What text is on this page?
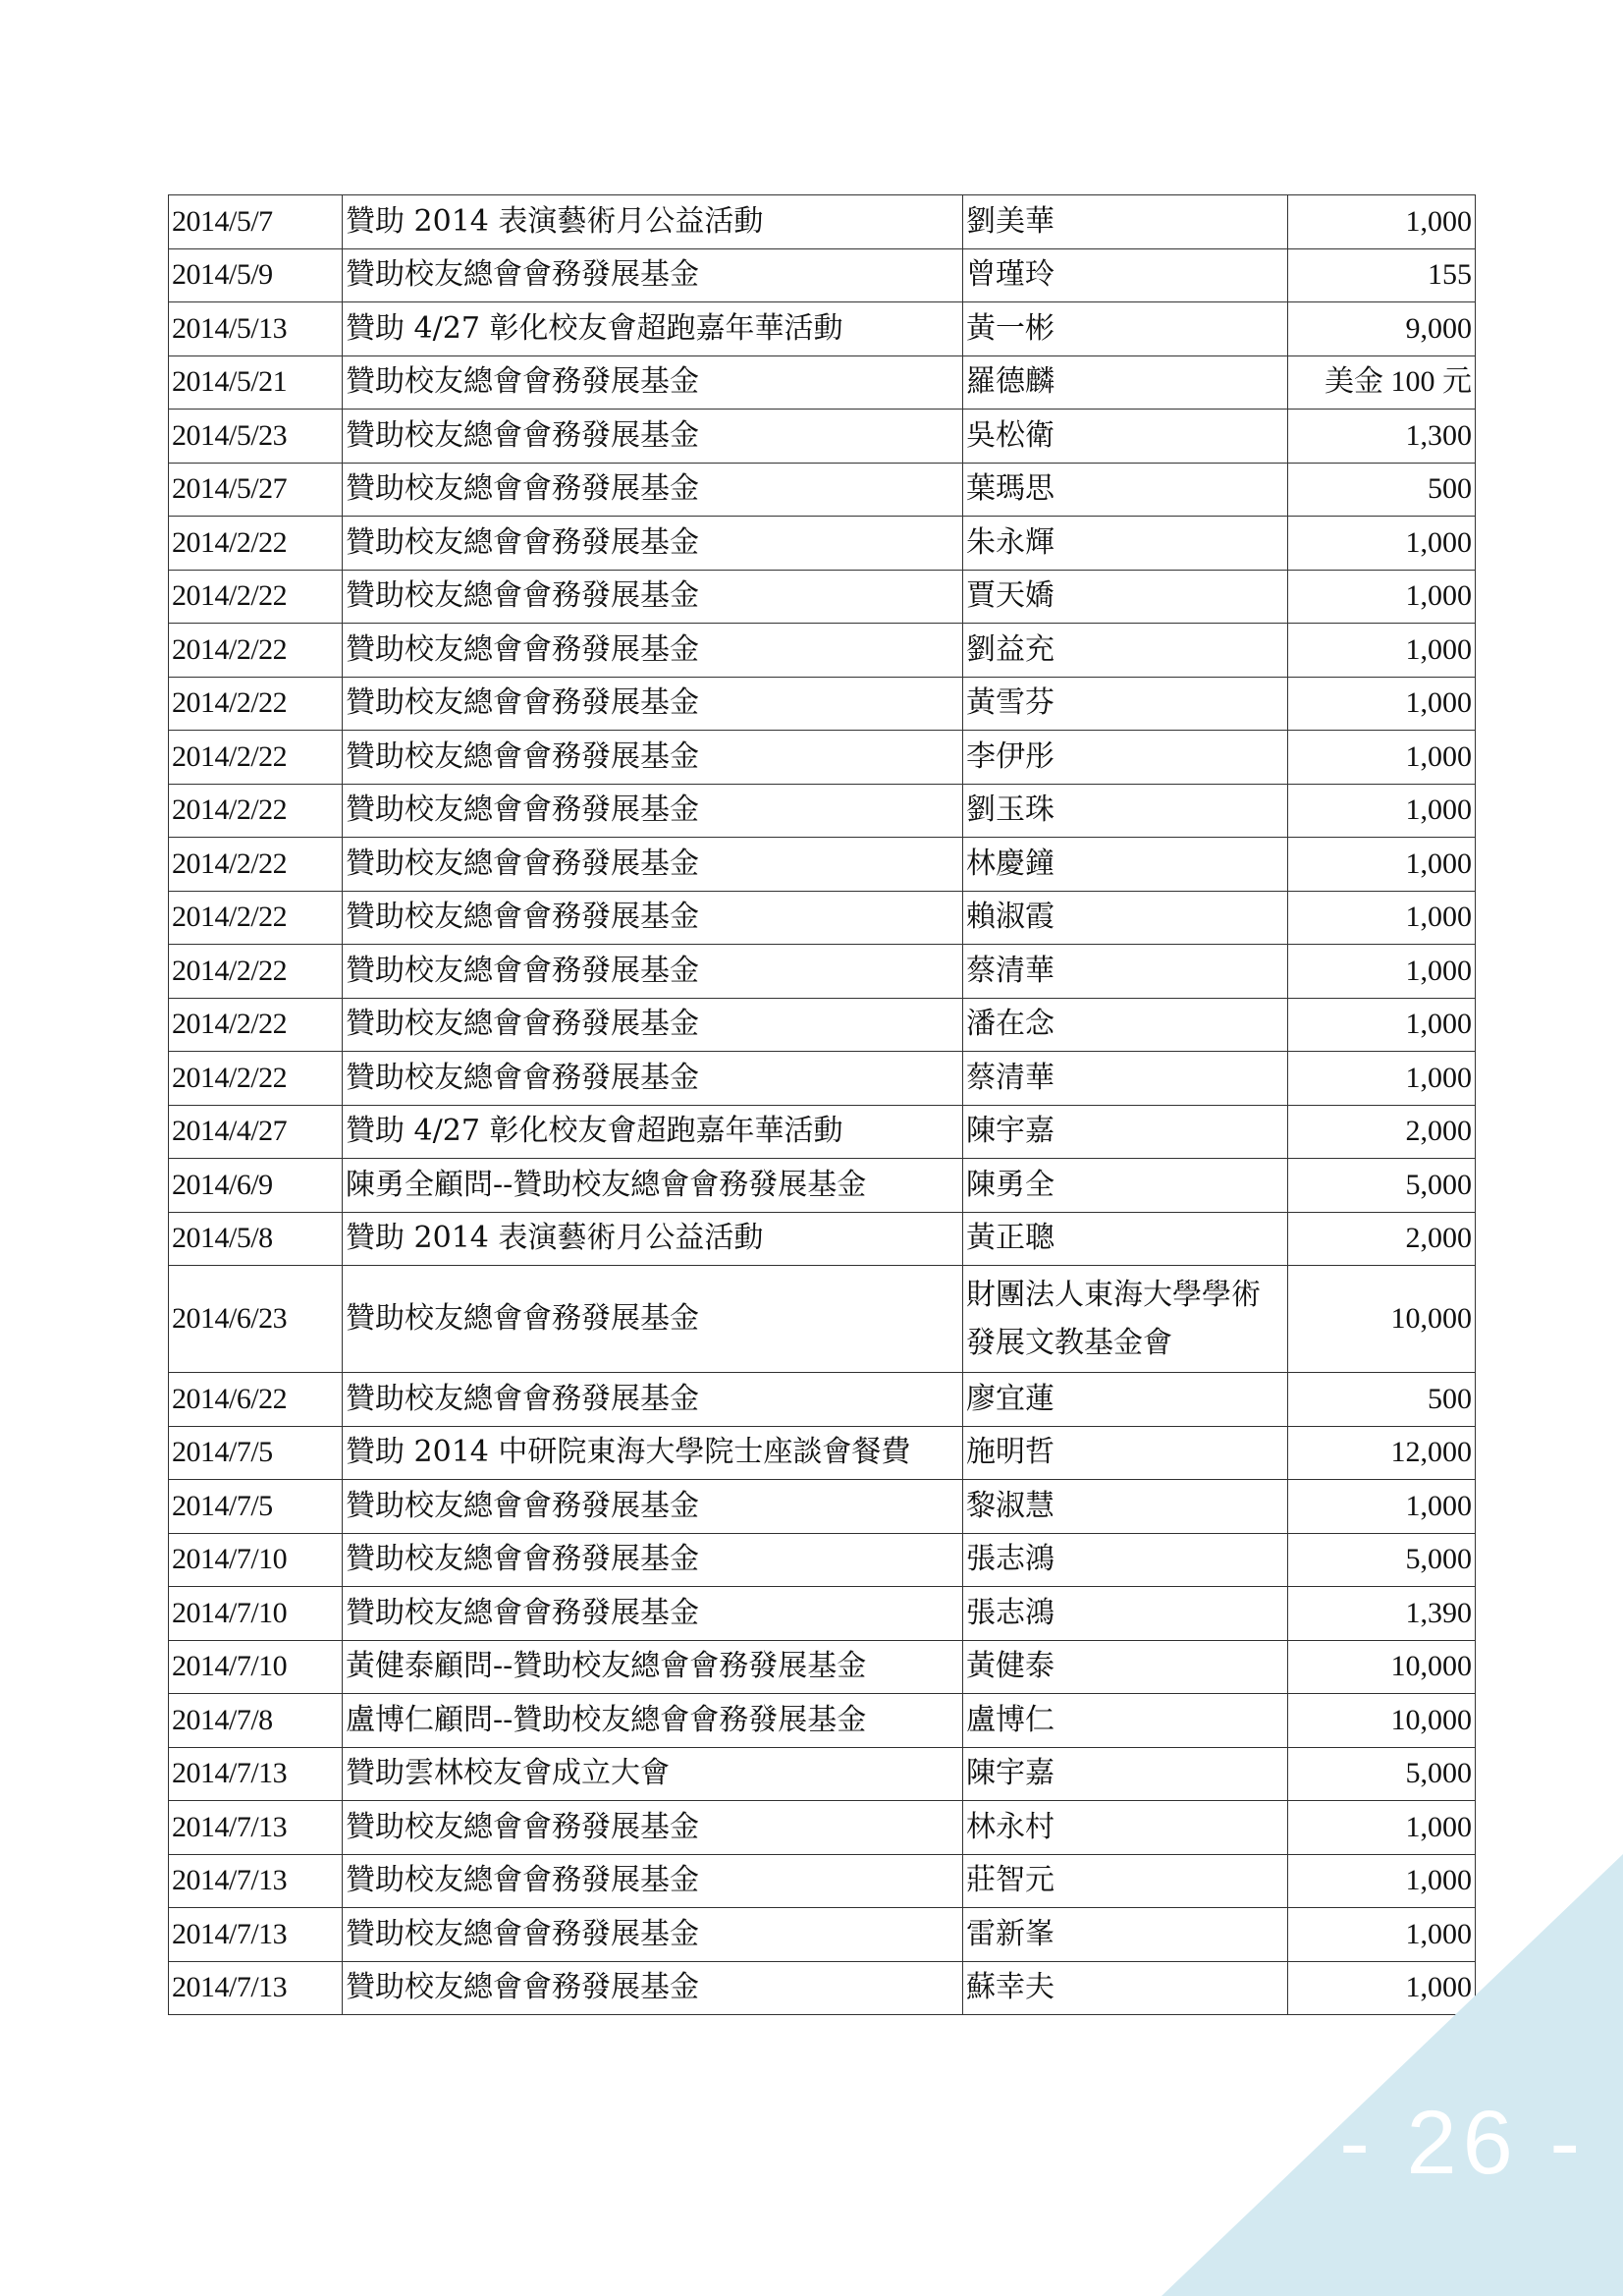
2014/5/7	贊助 2014 表演藝術月公益活動	劉美華	1,000
2014/5/9	贊助校友總會會務發展基金	曾瑾玲	155
2014/5/13	贊助 4/27 彰化校友會超跑嘉年華活動	黃一彬	9,000
2014/5/21	贊助校友總會會務發展基金	羅德麟	美金 100 元
2014/5/23	贊助校友總會會務發展基金	吳松衛	1,300
2014/5/27	贊助校友總會會務發展基金	葉瑪思	500
2014/2/22	贊助校友總會會務發展基金	朱永輝	1,000
2014/2/22	贊助校友總會會務發展基金	賈天嬌	1,000
2014/2/22	贊助校友總會會務發展基金	劉益充	1,000
2014/2/22	贊助校友總會會務發展基金	黃雪芬	1,000
2014/2/22	贊助校友總會會務發展基金	李伊彤	1,000
2014/2/22	贊助校友總會會務發展基金	劉玉珠	1,000
2014/2/22	贊助校友總會會務發展基金	林慶鐘	1,000
2014/2/22	贊助校友總會會務發展基金	賴淑霞	1,000
2014/2/22	贊助校友總會會務發展基金	蔡清華	1,000
2014/2/22	贊助校友總會會務發展基金	潘在念	1,000
2014/2/22	贊助校友總會會務發展基金	蔡清華	1,000
2014/4/27	贊助 4/27 彰化校友會超跑嘉年華活動	陳宇嘉	2,000
2014/6/9	陳勇全顧問--贊助校友總會會務發展基金	陳勇全	5,000
2014/5/8	贊助 2014 表演藝術月公益活動	黃正聰	2,000
2014/6/23	贊助校友總會會務發展基金	財團法人東海大學學術發展文教基金會	10,000
2014/6/22	贊助校友總會會務發展基金	廖宜蓮	500
2014/7/5	贊助 2014 中研院東海大學院士座談會餐費	施明哲	12,000
2014/7/5	贊助校友總會會務發展基金	黎淑慧	1,000
2014/7/10	贊助校友總會會務發展基金	張志鴻	5,000
2014/7/10	贊助校友總會會務發展基金	張志鴻	1,390
2014/7/10	黃健泰顧問--贊助校友總會會務發展基金	黃健泰	10,000
2014/7/8	盧博仁顧問--贊助校友總會會務發展基金	盧博仁	10,000
2014/7/13	贊助雲林校友會成立大會	陳宇嘉	5,000
2014/7/13	贊助校友總會會務發展基金	林永村	1,000
2014/7/13	贊助校友總會會務發展基金	莊智元	1,000
2014/7/13	贊助校友總會會務發展基金	雷新峯	1,000
2014/7/13	贊助校友總會會務發展基金	蘇幸夫	1,000
- 26 -
